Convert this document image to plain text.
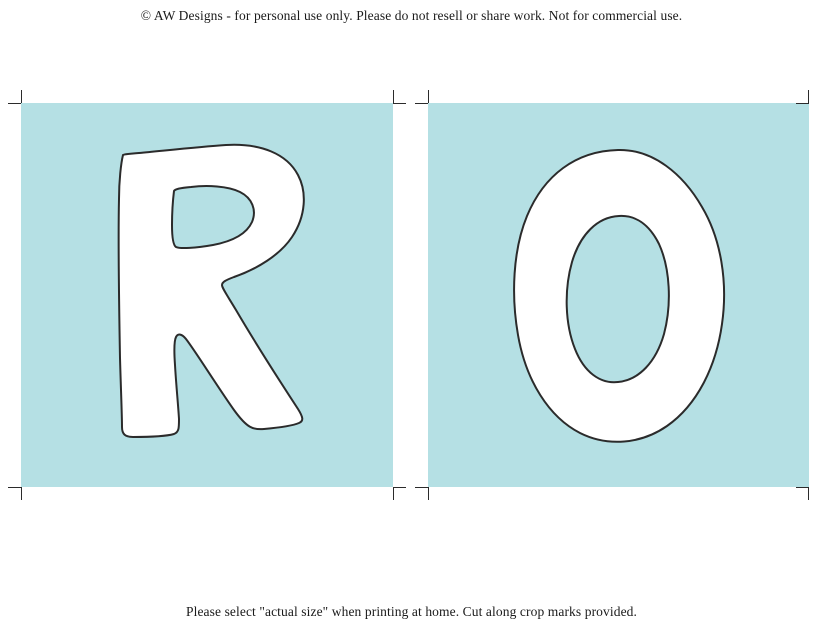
© AW Designs - for personal use only. Please do not resell or share work. Not for commercial use.
Please select "actual size" when printing at home. Cut along crop marks provided.
